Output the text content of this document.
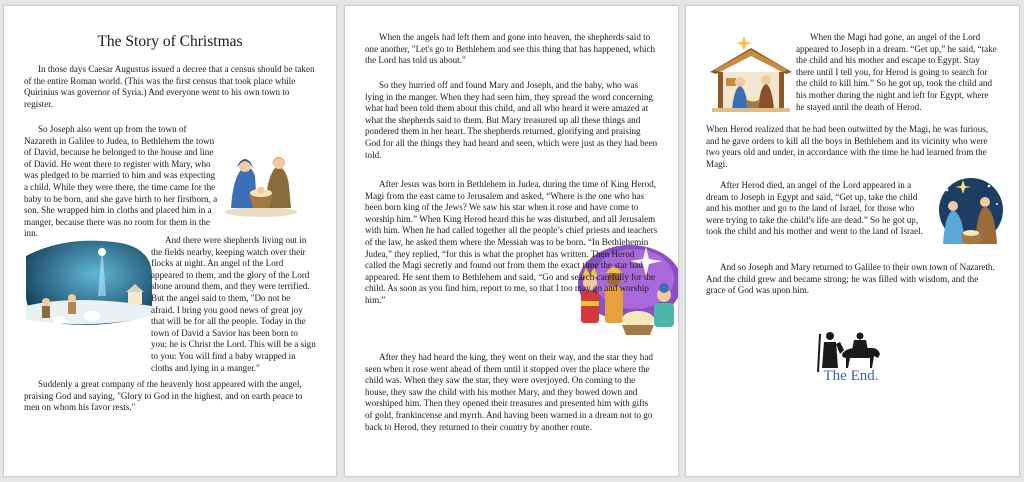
The Story of Christmas

In those days Caesar Augustus issued a decree that a census should be taken of the entire Roman world. (This was the first census that took place while Quirinius was governor of Syria.) And everyone went to his own town to register.

So Joseph also went up from the town of Nazareth in Galilee to Judea, to Bethlehem the town of David, because he belonged to the house and line of David. He went there to register with Mary, who was pledged to be married to him and was expecting a child. While they were there, the time came for the baby to be born, and she gave birth to her firstborn, a son. She wrapped him in cloths and placed him in a manger, because there was no room for them in the inn.

And there were shepherds living out in the fields nearby, keeping watch over their flocks at night. An angel of the Lord appeared to them, and the glory of the Lord shone around them, and they were terrified. But the angel said to them, "Do not be afraid. I bring you good news of great joy that will be for all the people. Today in the town of David a Savior has been born to you; he is Christ the Lord. This will be a sign to you: You will find a baby wrapped in cloths and lying in a manger."

Suddenly a great company of the heavenly host appeared with the angel, praising God and saying, "Glory to God in the highest, and on earth peace to men on whom his favor rests."

When the angels had left them and gone into heaven, the shepherds said to one another, "Let's go to Bethlehem and see this thing that has happened, which the Lord has told us about."

So they hurried off and found Mary and Joseph, and the baby, who was lying in the manger. When they had seen him, they spread the word concerning what had been told them about this child, and all who heard it were amazed at what the shepherds said to them. But Mary treasured up all these things and pondered them in her heart. The shepherds returned, glorifying and praising God for all the things they had heard and seen, which were just as they had been told.

After Jesus was born in Bethlehem in Judea, during the time of King Herod, Magi from the east came to Jerusalem and asked, “Where is the one who has been born king of the Jews? We saw his star when it rose and have come to worship him.” When King Herod heard this he was disturbed, and all Jerusalem with him. When he had called together all the people’s chief priests and teachers of the law, he asked them where the Messiah was to be born. “In Bethlehemin Judea,” they replied, “for this is what the prophet has written. Then Herod called the Magi secretly and found out from them the exact time the star had appeared. He sent them to Bethlehem and said, “Go and search carefully for the child. As soon as you find him, report to me, so that I too may go and worship him.”

After they had heard the king, they went on their way, and the star they had seen when it rose went ahead of them until it stopped over the place where the child was. When they saw the star, they were overjoyed. On coming to the house, they saw the child with his mother Mary, and they bowed down and worshiped him. Then they opened their treasures and presented him with gifts of gold, frankincense and myrrh. And having been warned in a dream not to go back to Herod, they returned to their country by another route.

When the Magi had gone, an angel of the Lord appeared to Joseph in a dream. “Get up,” he said, “take the child and his mother and escape to Egypt. Stay there until I tell you, for Herod is going to search for the child to kill him.” So he got up, took the child and his mother during the night and left for Egypt, where he stayed until the death of Herod.

When Herod realized that he had been outwitted by the Magi, he was furious, and he gave orders to kill all the boys in Bethlehem and its vicinity who were two years old and under, in accordance with the time he had learned from the Magi.

After Herod died, an angel of the Lord appeared in a dream to Joseph in Egypt and said, “Get up, take the child and his mother and go to the land of Israel, for those who were trying to take the child’s life are dead.” So he got up, took the child and his mother and went to the land of Israel.

And so Joseph and Mary returned to Galilee to their own town of Nazareth. And the child grew and became strong; he was filled with wisdom, and the grace of God was upon him.

The End.
